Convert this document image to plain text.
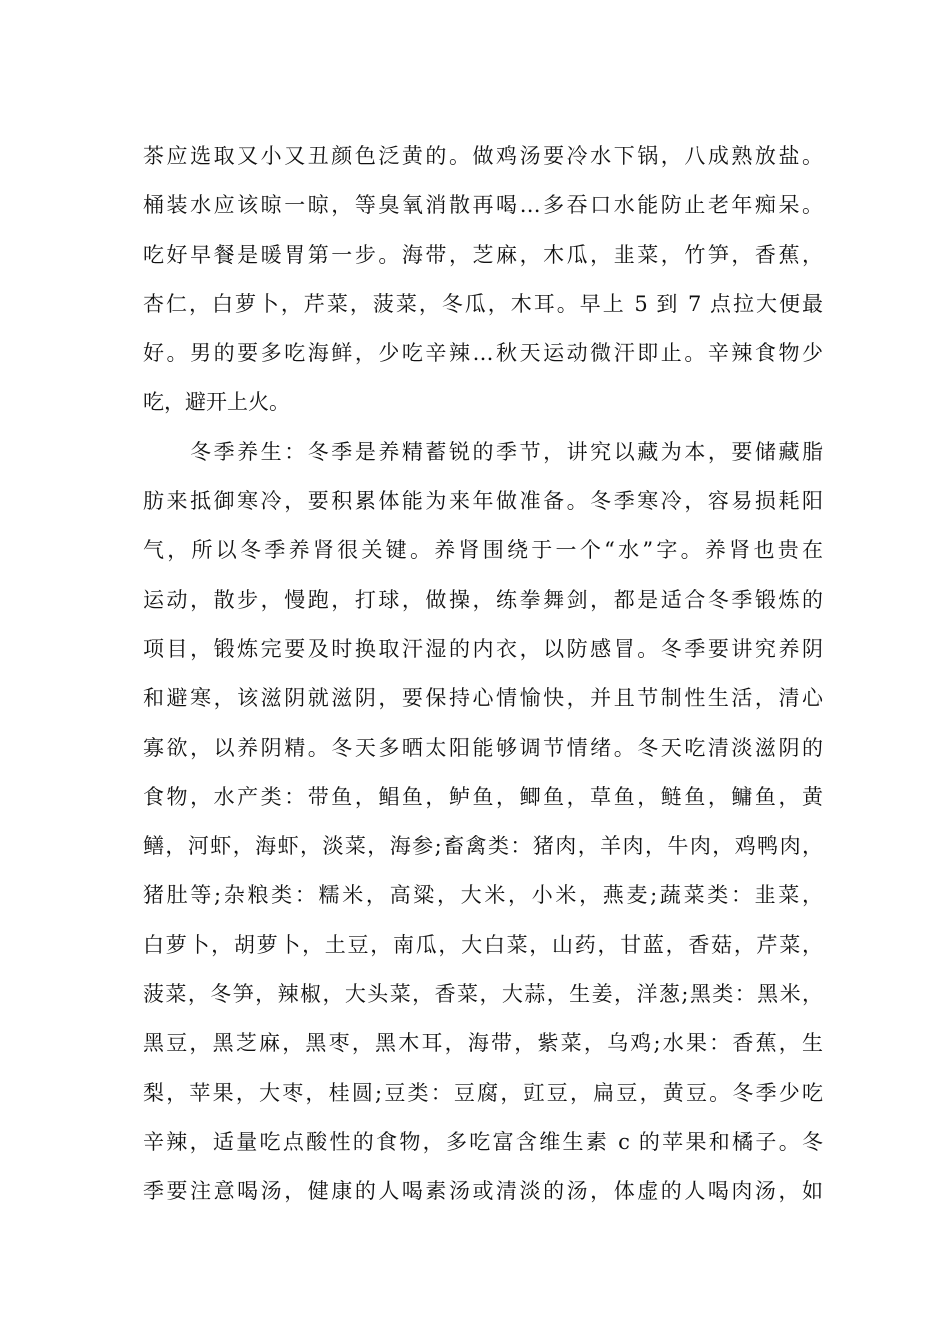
茶应选取又小又丑颜色泛黄的。做鸡汤要冷水下锅，八成熟放盐。
桶装水应该晾一晾，等臭氧消散再喝…多吞口水能防止老年痴呆。
吃好早餐是暖胃第一步。海带，芝麻，木瓜，韭菜，竹笋，香蕉，
杏仁，白萝卜，芹菜，菠菜，冬瓜，木耳。早上 5 到 7 点拉大便最
好。男的要多吃海鲜，少吃辛辣…秋天运动微汗即止。辛辣食物少
吃，避开上火。
　　冬季养生：冬季是养精蓄锐的季节，讲究以藏为本，要储藏脂
肪来抵御寒冷，要积累体能为来年做准备。冬季寒冷，容易损耗阳
气，所以冬季养肾很关键。养肾围绕于一个“水”字。养肾也贵在
运动，散步，慢跑，打球，做操，练拳舞剑，都是适合冬季锻炼的
项目，锻炼完要及时换取汗湿的内衣，以防感冒。冬季要讲究养阴
和避寒，该滋阴就滋阴，要保持心情愉快，并且节制性生活，清心
寡欲，以养阴精。冬天多晒太阳能够调节情绪。冬天吃清淡滋阴的
食物，水产类：带鱼，鲳鱼，鲈鱼，鲫鱼，草鱼，鲢鱼，鳙鱼，黄
鳝，河虾，海虾，淡菜，海参;畜禽类：猪肉，羊肉，牛肉，鸡鸭肉，
猪肚等;杂粮类：糯米，高粱，大米，小米，燕麦;蔬菜类：韭菜，
白萝卜，胡萝卜，土豆，南瓜，大白菜，山药，甘蓝，香菇，芹菜，
菠菜，冬笋，辣椒，大头菜，香菜，大蒜，生姜，洋葱;黑类：黑米，
黑豆，黑芝麻，黑枣，黑木耳，海带，紫菜，乌鸡;水果：香蕉，生
梨，苹果，大枣，桂圆;豆类：豆腐，豇豆，扁豆，黄豆。冬季少吃
辛辣，适量吃点酸性的食物，多吃富含维生素 c 的苹果和橘子。冬
季要注意喝汤，健康的人喝素汤或清淡的汤，体虚的人喝肉汤，如
